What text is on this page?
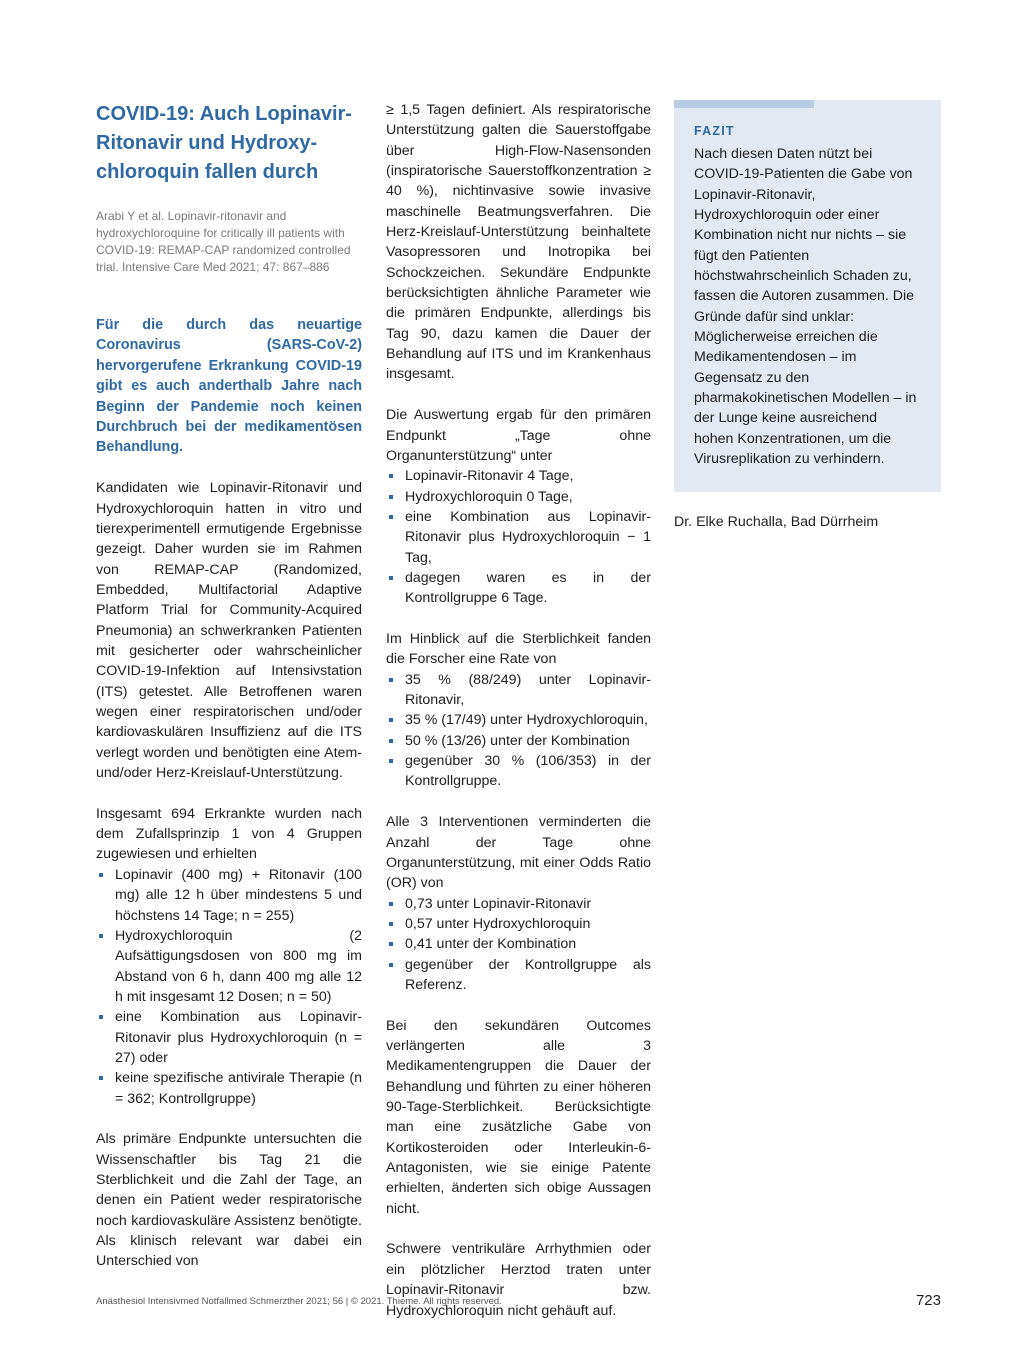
COVID-19: Auch Lopinavir-
Ritonavir und Hydroxy-
chloroquin fallen durch

Arabi Y et al. Lopinavir-ritonavir and hydroxychloroquine for critically ill patients with COVID-19: REMAP-CAP randomized controlled trial. Intensive Care Med 2021; 47: 867–886

Für die durch das neuartige Coronavirus (SARS-CoV-2) hervorgerufene Erkrankung COVID-19 gibt es auch anderthalb Jahre nach Beginn der Pandemie noch keinen Durchbruch bei der medikamentösen Behandlung.

Kandidaten wie Lopinavir-Ritonavir und Hydroxychloroquin hatten in vitro und tierexperimentell ermutigende Ergebnisse gezeigt. Daher wurden sie im Rahmen von REMAP-CAP (Randomized, Embedded, Multifactorial Adaptive Platform Trial for Community-Acquired Pneumonia) an schwerkranken Patienten mit gesicherter oder wahrscheinlicher COVID-19-Infektion auf Intensivstation (ITS) getestet. Alle Betroffenen waren wegen einer respiratorischen und/oder kardiovaskulären Insuffizienz auf die ITS verlegt worden und benötigten eine Atem- und/oder Herz-Kreislauf-Unterstützung.

Insgesamt 694 Erkrankte wurden nach dem Zufallsprinzip 1 von 4 Gruppen zugewiesen und erhielten

Lopinavir (400 mg) + Ritonavir (100 mg) alle 12 h über mindestens 5 und höchstens 14 Tage; n = 255)
Hydroxychloroquin (2 Aufsättigungsdosen von 800 mg im Abstand von 6 h, dann 400 mg alle 12 h mit insgesamt 12 Dosen; n = 50)
eine Kombination aus Lopinavir-Ritonavir plus Hydroxychloroquin (n = 27) oder
keine spezifische antivirale Therapie (n = 362; Kontrollgruppe)

Als primäre Endpunkte untersuchten die Wissenschaftler bis Tag 21 die Sterblichkeit und die Zahl der Tage, an denen ein Patient weder respiratorische noch kardiovaskuläre Assistenz benötigte. Als klinisch relevant war dabei ein Unterschied von

≥ 1,5 Tagen definiert. Als respiratorische Unterstützung galten die Sauerstoffgabe über High-Flow-Nasensonden (inspiratorische Sauerstoffkonzentration ≥ 40 %), nichtinvasive sowie invasive maschinelle Beatmungsverfahren. Die Herz-Kreislauf-Unterstützung beinhaltete Vasopressoren und Inotropika bei Schockzeichen. Sekundäre Endpunkte berücksichtigten ähnliche Parameter wie die primären Endpunkte, allerdings bis Tag 90, dazu kamen die Dauer der Behandlung auf ITS und im Krankenhaus insgesamt.

Die Auswertung ergab für den primären Endpunkt „Tage ohne Organunterstützung“ unter

Lopinavir-Ritonavir 4 Tage,
Hydroxychloroquin 0 Tage,
eine Kombination aus Lopinavir-Ritonavir plus Hydroxychloroquin − 1 Tag,
dagegen waren es in der Kontrollgruppe 6 Tage.

Im Hinblick auf die Sterblichkeit fanden die Forscher eine Rate von

35 % (88/249) unter Lopinavir-Ritonavir,
35 % (17/49) unter Hydroxychloroquin,
50 % (13/26) unter der Kombination
gegenüber 30 % (106/353) in der Kontrollgruppe.

Alle 3 Interventionen verminderten die Anzahl der Tage ohne Organunterstützung, mit einer Odds Ratio (OR) von

0,73 unter Lopinavir-Ritonavir
0,57 unter Hydroxychloroquin
0,41 unter der Kombination
gegenüber der Kontrollgruppe als Referenz.

Bei den sekundären Outcomes verlängerten alle 3 Medikamentengruppen die Dauer der Behandlung und führten zu einer höheren 90-Tage-Sterblichkeit. Berücksichtigte man eine zusätzliche Gabe von Kortikosteroiden oder Interleukin-6-Antagonisten, wie sie einige Patente erhielten, änderten sich obige Aussagen nicht.

Schwere ventrikuläre Arrhythmien oder ein plötzlicher Herztod traten unter Lopinavir-Ritonavir bzw. Hydroxychloroquin nicht gehäuft auf.

FAZIT

Nach diesen Daten nützt bei COVID-19-Patienten die Gabe von Lopinavir-Ritonavir, Hydroxychloroquin oder einer Kombination nicht nur nichts – sie fügt den Patienten höchstwahrscheinlich Schaden zu, fassen die Autoren zusammen. Die Gründe dafür sind unklar: Möglicherweise erreichen die Medikamentendosen – im Gegensatz zu den pharmakokinetischen Modellen – in der Lunge keine ausreichend hohen Konzentrationen, um die Virusreplikation zu verhindern.

Dr. Elke Ruchalla, Bad Dürrheim

Anästhesiol Intensivmed Notfallmed Schmerzther 2021; 56 | © 2021. Thieme. All rights reserved.	723
